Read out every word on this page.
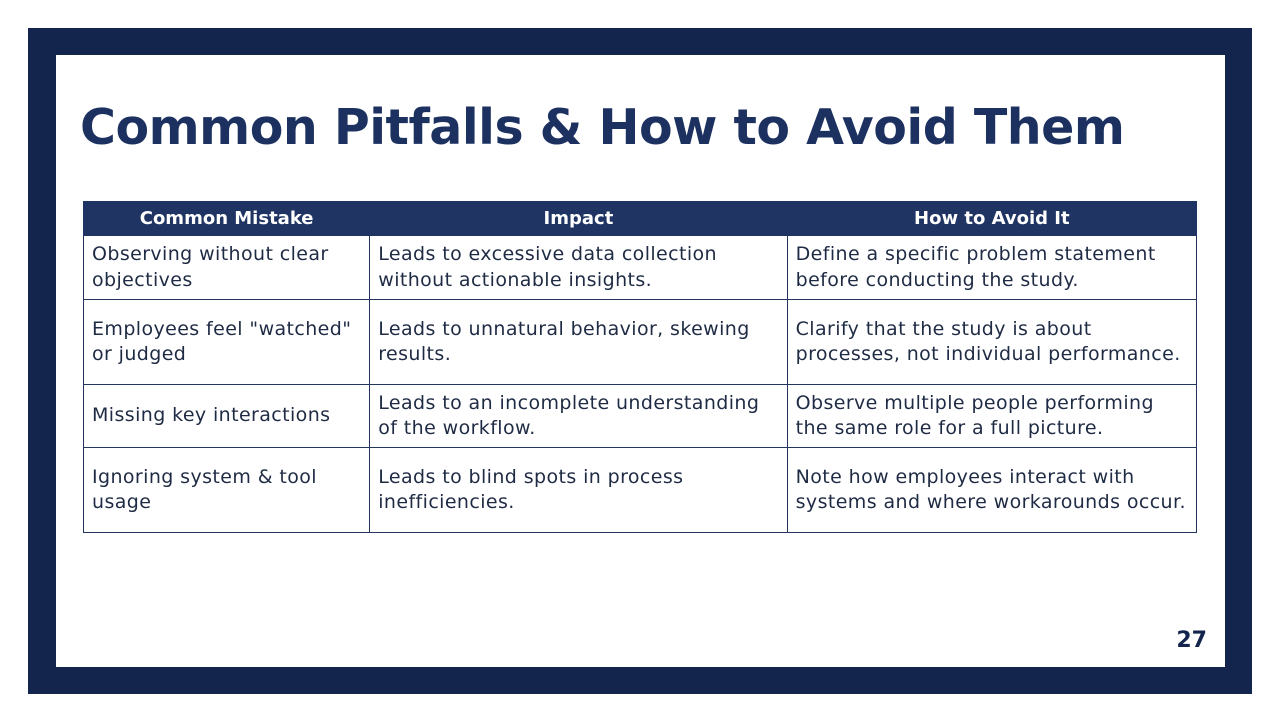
Common Pitfalls & How to Avoid Them
Common Mistake	Impact	How to Avoid It
Observing without clear objectives	Leads to excessive data collection without actionable insights.	Define a specific problem statement before conducting the study.
Employees feel "watched" or judged	Leads to unnatural behavior, skewing results.	Clarify that the study is about processes, not individual performance.
Missing key interactions	Leads to an incomplete understanding of the workflow.	Observe multiple people performing the same role for a full picture.
Ignoring system & tool usage	Leads to blind spots in process inefficiencies.	Note how employees interact with systems and where workarounds occur.
27
